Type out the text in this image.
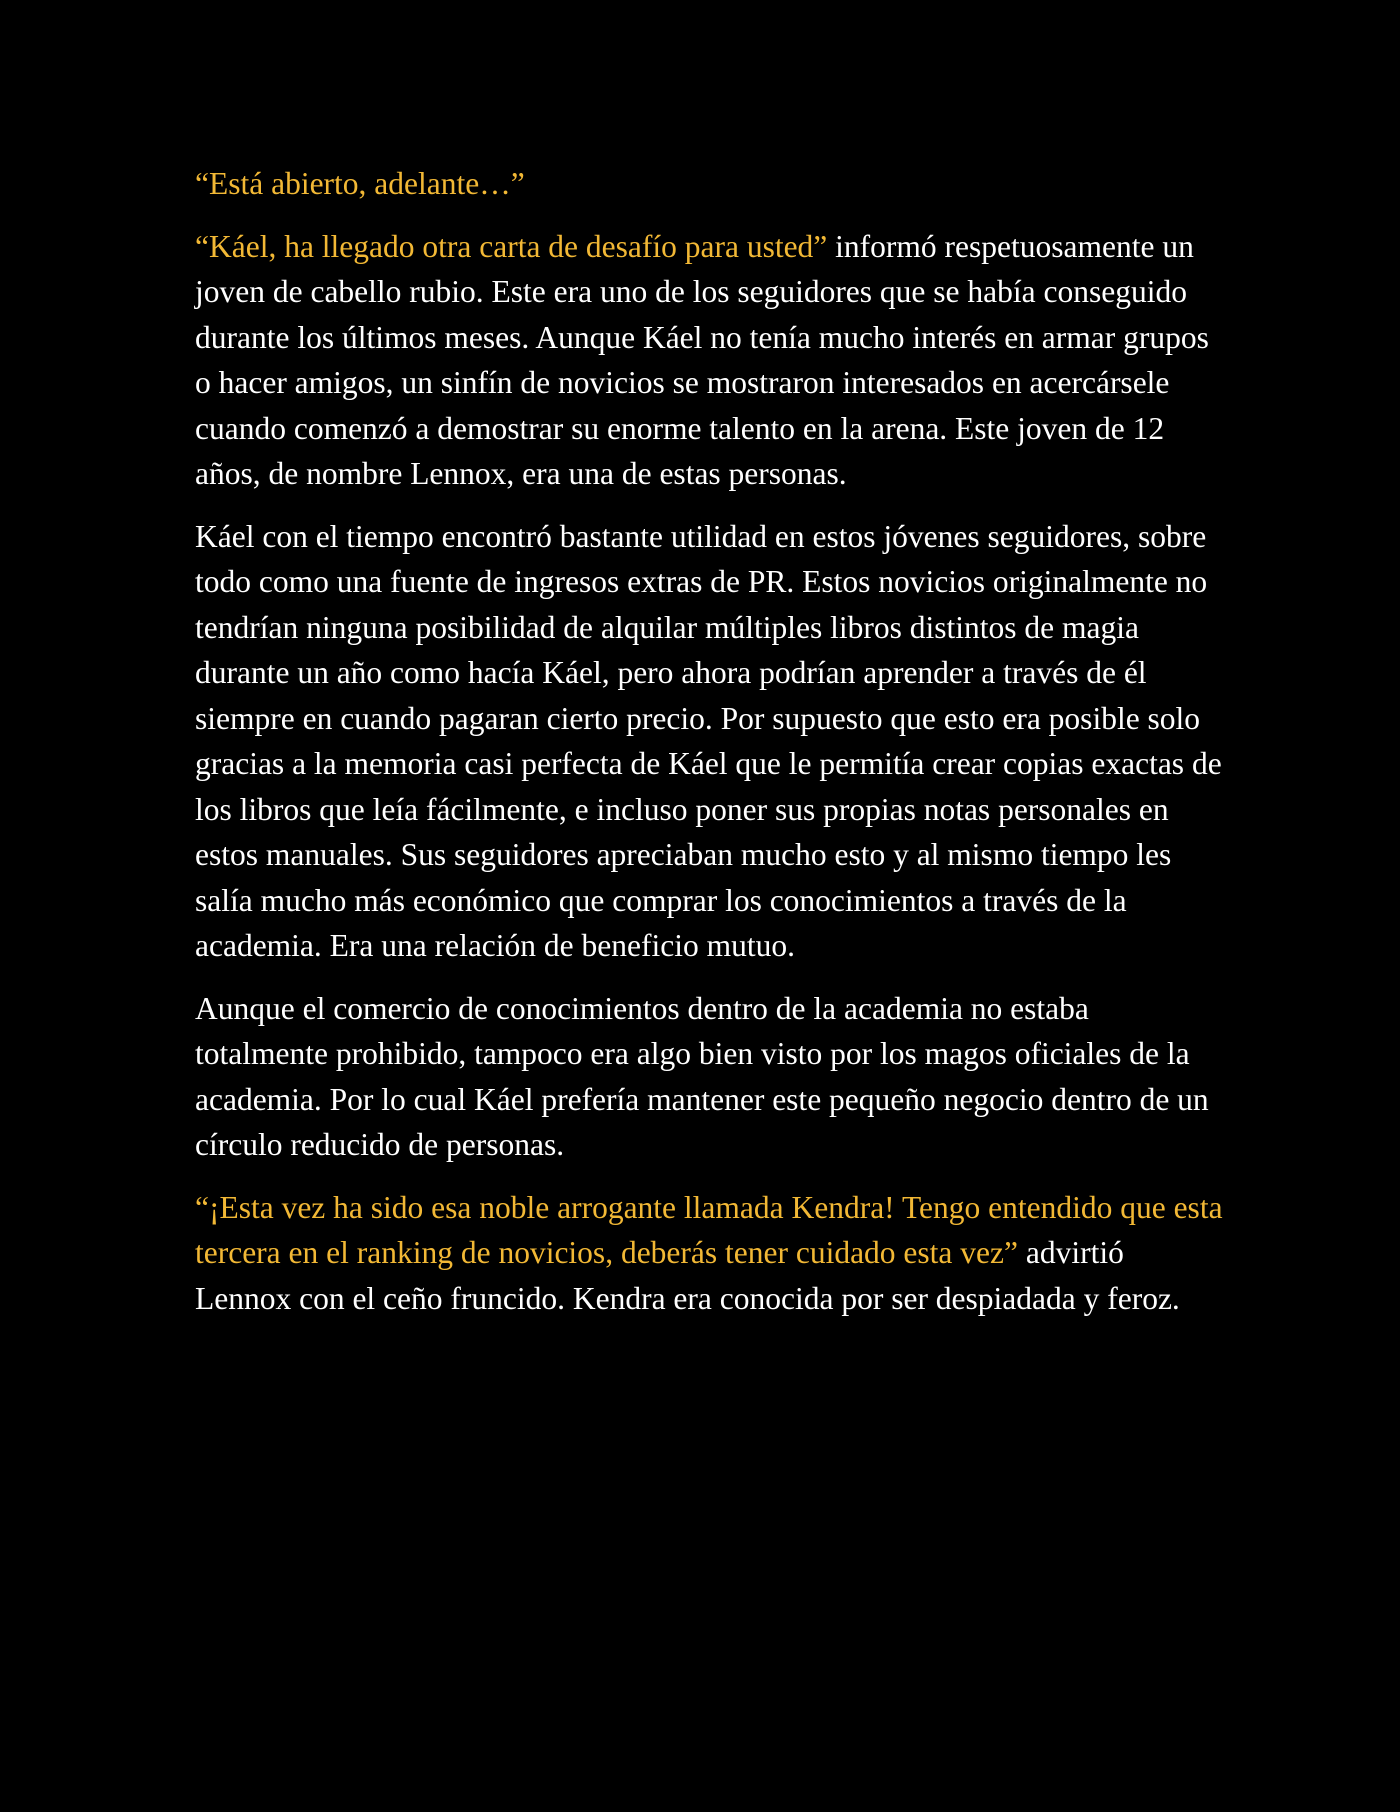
“Está abierto, adelante…”

“Káel, ha llegado otra carta de desafío para usted” informó respetuosamente un joven de cabello rubio. Este era uno de los seguidores que se había conseguido durante los últimos meses. Aunque Káel no tenía mucho interés en armar grupos o hacer amigos, un sinfín de novicios se mostraron interesados en acercársele cuando comenzó a demostrar su enorme talento en la arena. Este joven de 12 años, de nombre Lennox, era una de estas personas.

Káel con el tiempo encontró bastante utilidad en estos jóvenes seguidores, sobre todo como una fuente de ingresos extras de PR. Estos novicios originalmente no tendrían ninguna posibilidad de alquilar múltiples libros distintos de magia durante un año como hacía Káel, pero ahora podrían aprender a través de él siempre en cuando pagaran cierto precio. Por supuesto que esto era posible solo gracias a la memoria casi perfecta de Káel que le permitía crear copias exactas de los libros que leía fácilmente, e incluso poner sus propias notas personales en estos manuales. Sus seguidores apreciaban mucho esto y al mismo tiempo les salía mucho más económico que comprar los conocimientos a través de la academia. Era una relación de beneficio mutuo.

Aunque el comercio de conocimientos dentro de la academia no estaba totalmente prohibido, tampoco era algo bien visto por los magos oficiales de la academia. Por lo cual Káel prefería mantener este pequeño negocio dentro de un círculo reducido de personas.

“¡Esta vez ha sido esa noble arrogante llamada Kendra! Tengo entendido que esta tercera en el ranking de novicios, deberás tener cuidado esta vez” advirtió Lennox con el ceño fruncido. Kendra era conocida por ser despiadada y feroz.
